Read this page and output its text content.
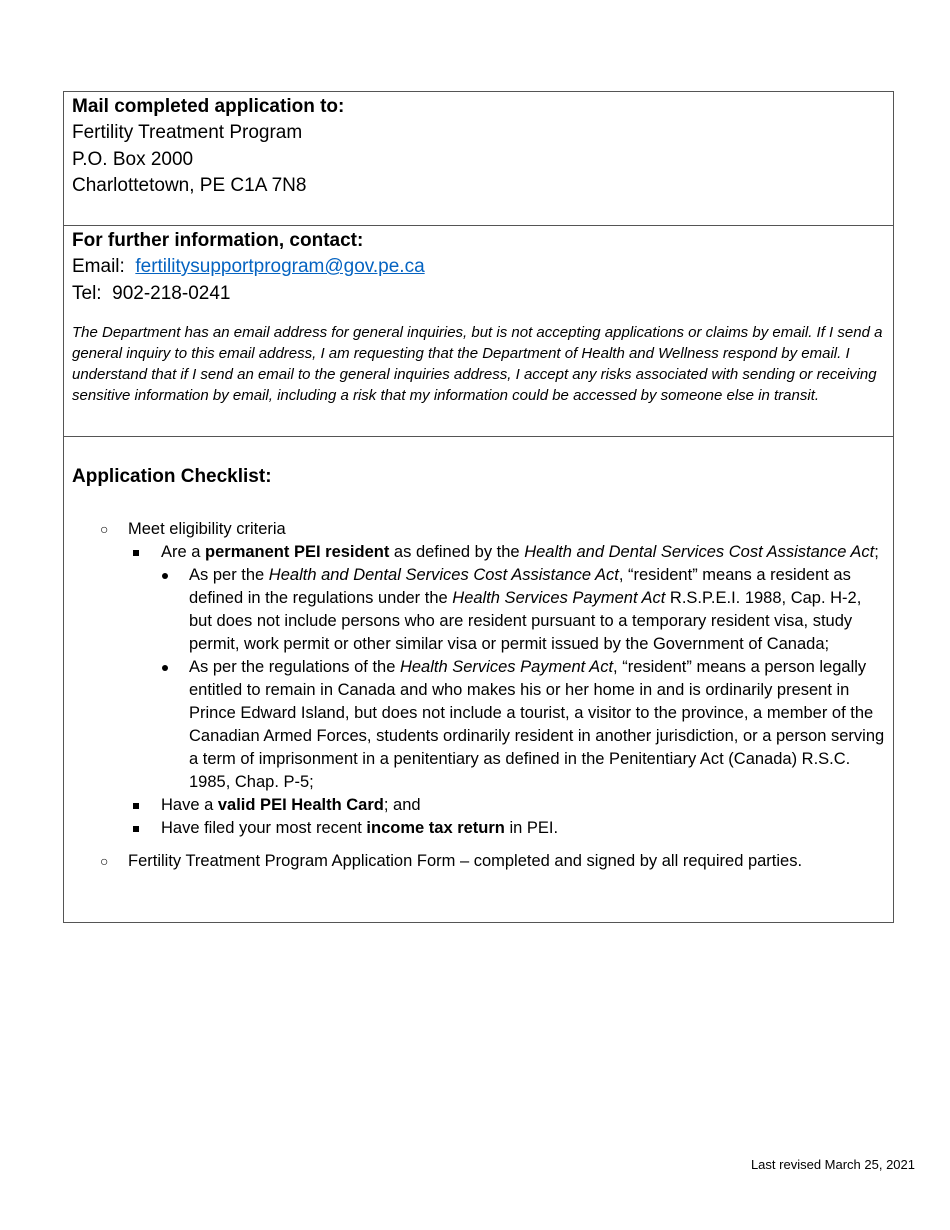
Mail completed application to:
Fertility Treatment Program
P.O. Box 2000
Charlottetown, PE C1A 7N8
For further information, contact:
Email: fertilitysupportprogram@gov.pe.ca
Tel: 902-218-0241
The Department has an email address for general inquiries, but is not accepting applications or claims by email. If I send a general inquiry to this email address, I am requesting that the Department of Health and Wellness respond by email. I understand that if I send an email to the general inquiries address, I accept any risks associated with sending or receiving sensitive information by email, including a risk that my information could be accessed by someone else in transit.
Application Checklist:
○ Meet eligibility criteria
Are a permanent PEI resident as defined by the Health and Dental Services Cost Assistance Act;
As per the Health and Dental Services Cost Assistance Act, “resident” means a resident as defined in the regulations under the Health Services Payment Act R.S.P.E.I. 1988, Cap. H-2, but does not include persons who are resident pursuant to a temporary resident visa, study permit, work permit or other similar visa or permit issued by the Government of Canada;
As per the regulations of the Health Services Payment Act, “resident” means a person legally entitled to remain in Canada and who makes his or her home in and is ordinarily present in Prince Edward Island, but does not include a tourist, a visitor to the province, a member of the Canadian Armed Forces, students ordinarily resident in another jurisdiction, or a person serving a term of imprisonment in a penitentiary as defined in the Penitentiary Act (Canada) R.S.C. 1985, Chap. P-5;
Have a valid PEI Health Card; and
Have filed your most recent income tax return in PEI.
○ Fertility Treatment Program Application Form – completed and signed by all required parties.
Last revised March 25, 2021
